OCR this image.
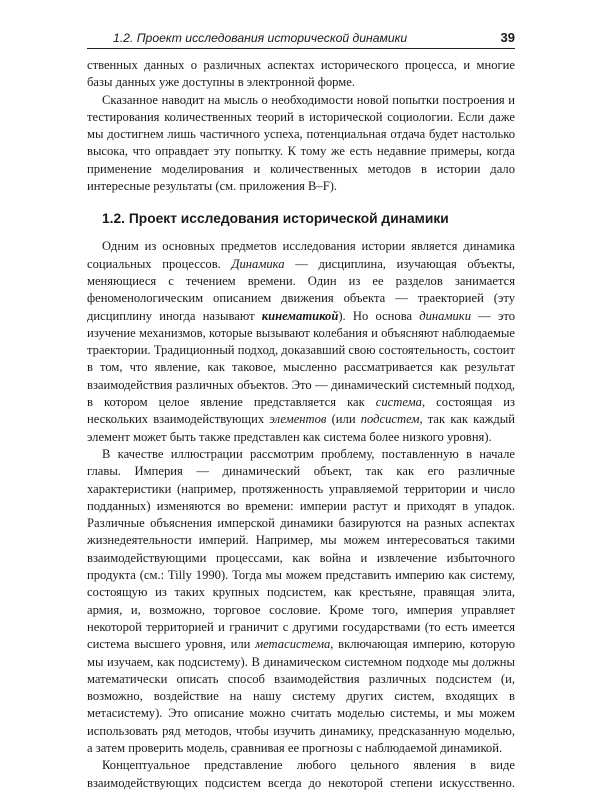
1.2. Проект исследования исторической динамики	39

ственных данных о различных аспектах исторического процесса, и многие базы данных уже доступны в электронной форме.

Сказанное наводит на мысль о необходимости новой попытки построения и тестирования количественных теорий в исторической социологии. Если даже мы достигнем лишь частичного успеха, потенциальная отдача будет настолько высока, что оправдает эту попытку. К тому же есть недавние примеры, когда применение моделирования и количественных методов в истории дало интересные результаты (см. приложения B–F).

1.2. Проект исследования исторической динамики

Одним из основных предметов исследования истории является динамика социальных процессов. Динамика — дисциплина, изучающая объекты, меняющиеся с течением времени. Один из ее разделов занимается феноменологическим описанием движения объекта — траекторией (эту дисциплину иногда называют кинематикой). Но основа динамики — это изучение механизмов, которые вызывают колебания и объясняют наблюдаемые траектории. Традиционный подход, доказавший свою состоятельность, состоит в том, что явление, как таковое, мысленно рассматривается как результат взаимодействия различных объектов. Это — динамический системный подход, в котором целое явление представляется как система, состоящая из нескольких взаимодействующих элементов (или подсистем, так как каждый элемент может быть также представлен как система более низкого уровня).

В качестве иллюстрации рассмотрим проблему, поставленную в начале главы. Империя — динамический объект, так как его различные характеристики (например, протяженность управляемой территории и число подданных) изменяются во времени: империи растут и приходят в упадок. Различные объяснения имперской динамики базируются на разных аспектах жизнедеятельности империй. Например, мы можем интересоваться такими взаимодействующими процессами, как война и извлечение избыточного продукта (см.: Tilly 1990). Тогда мы можем представить империю как систему, состоящую из таких крупных подсистем, как крестьяне, правящая элита, армия, и, возможно, торговое сословие. Кроме того, империя управляет некоторой территорией и граничит с другими государствами (то есть имеется система высшего уровня, или метасистема, включающая империю, которую мы изучаем, как подсистему). В динамическом системном подходе мы должны математически описать способ взаимодействия различных подсистем (и, возможно, воздействие на нашу систему других систем, входящих в метасистему). Это описание можно считать моделью системы, и мы можем использовать ряд методов, чтобы изучить динамику, предсказанную моделью, а затем проверить модель, сравнивая ее прогнозы с наблюдаемой динамикой.

Концептуальное представление любого цельного явления в виде взаимодействующих подсистем всегда до некоторой степени искусственно.
